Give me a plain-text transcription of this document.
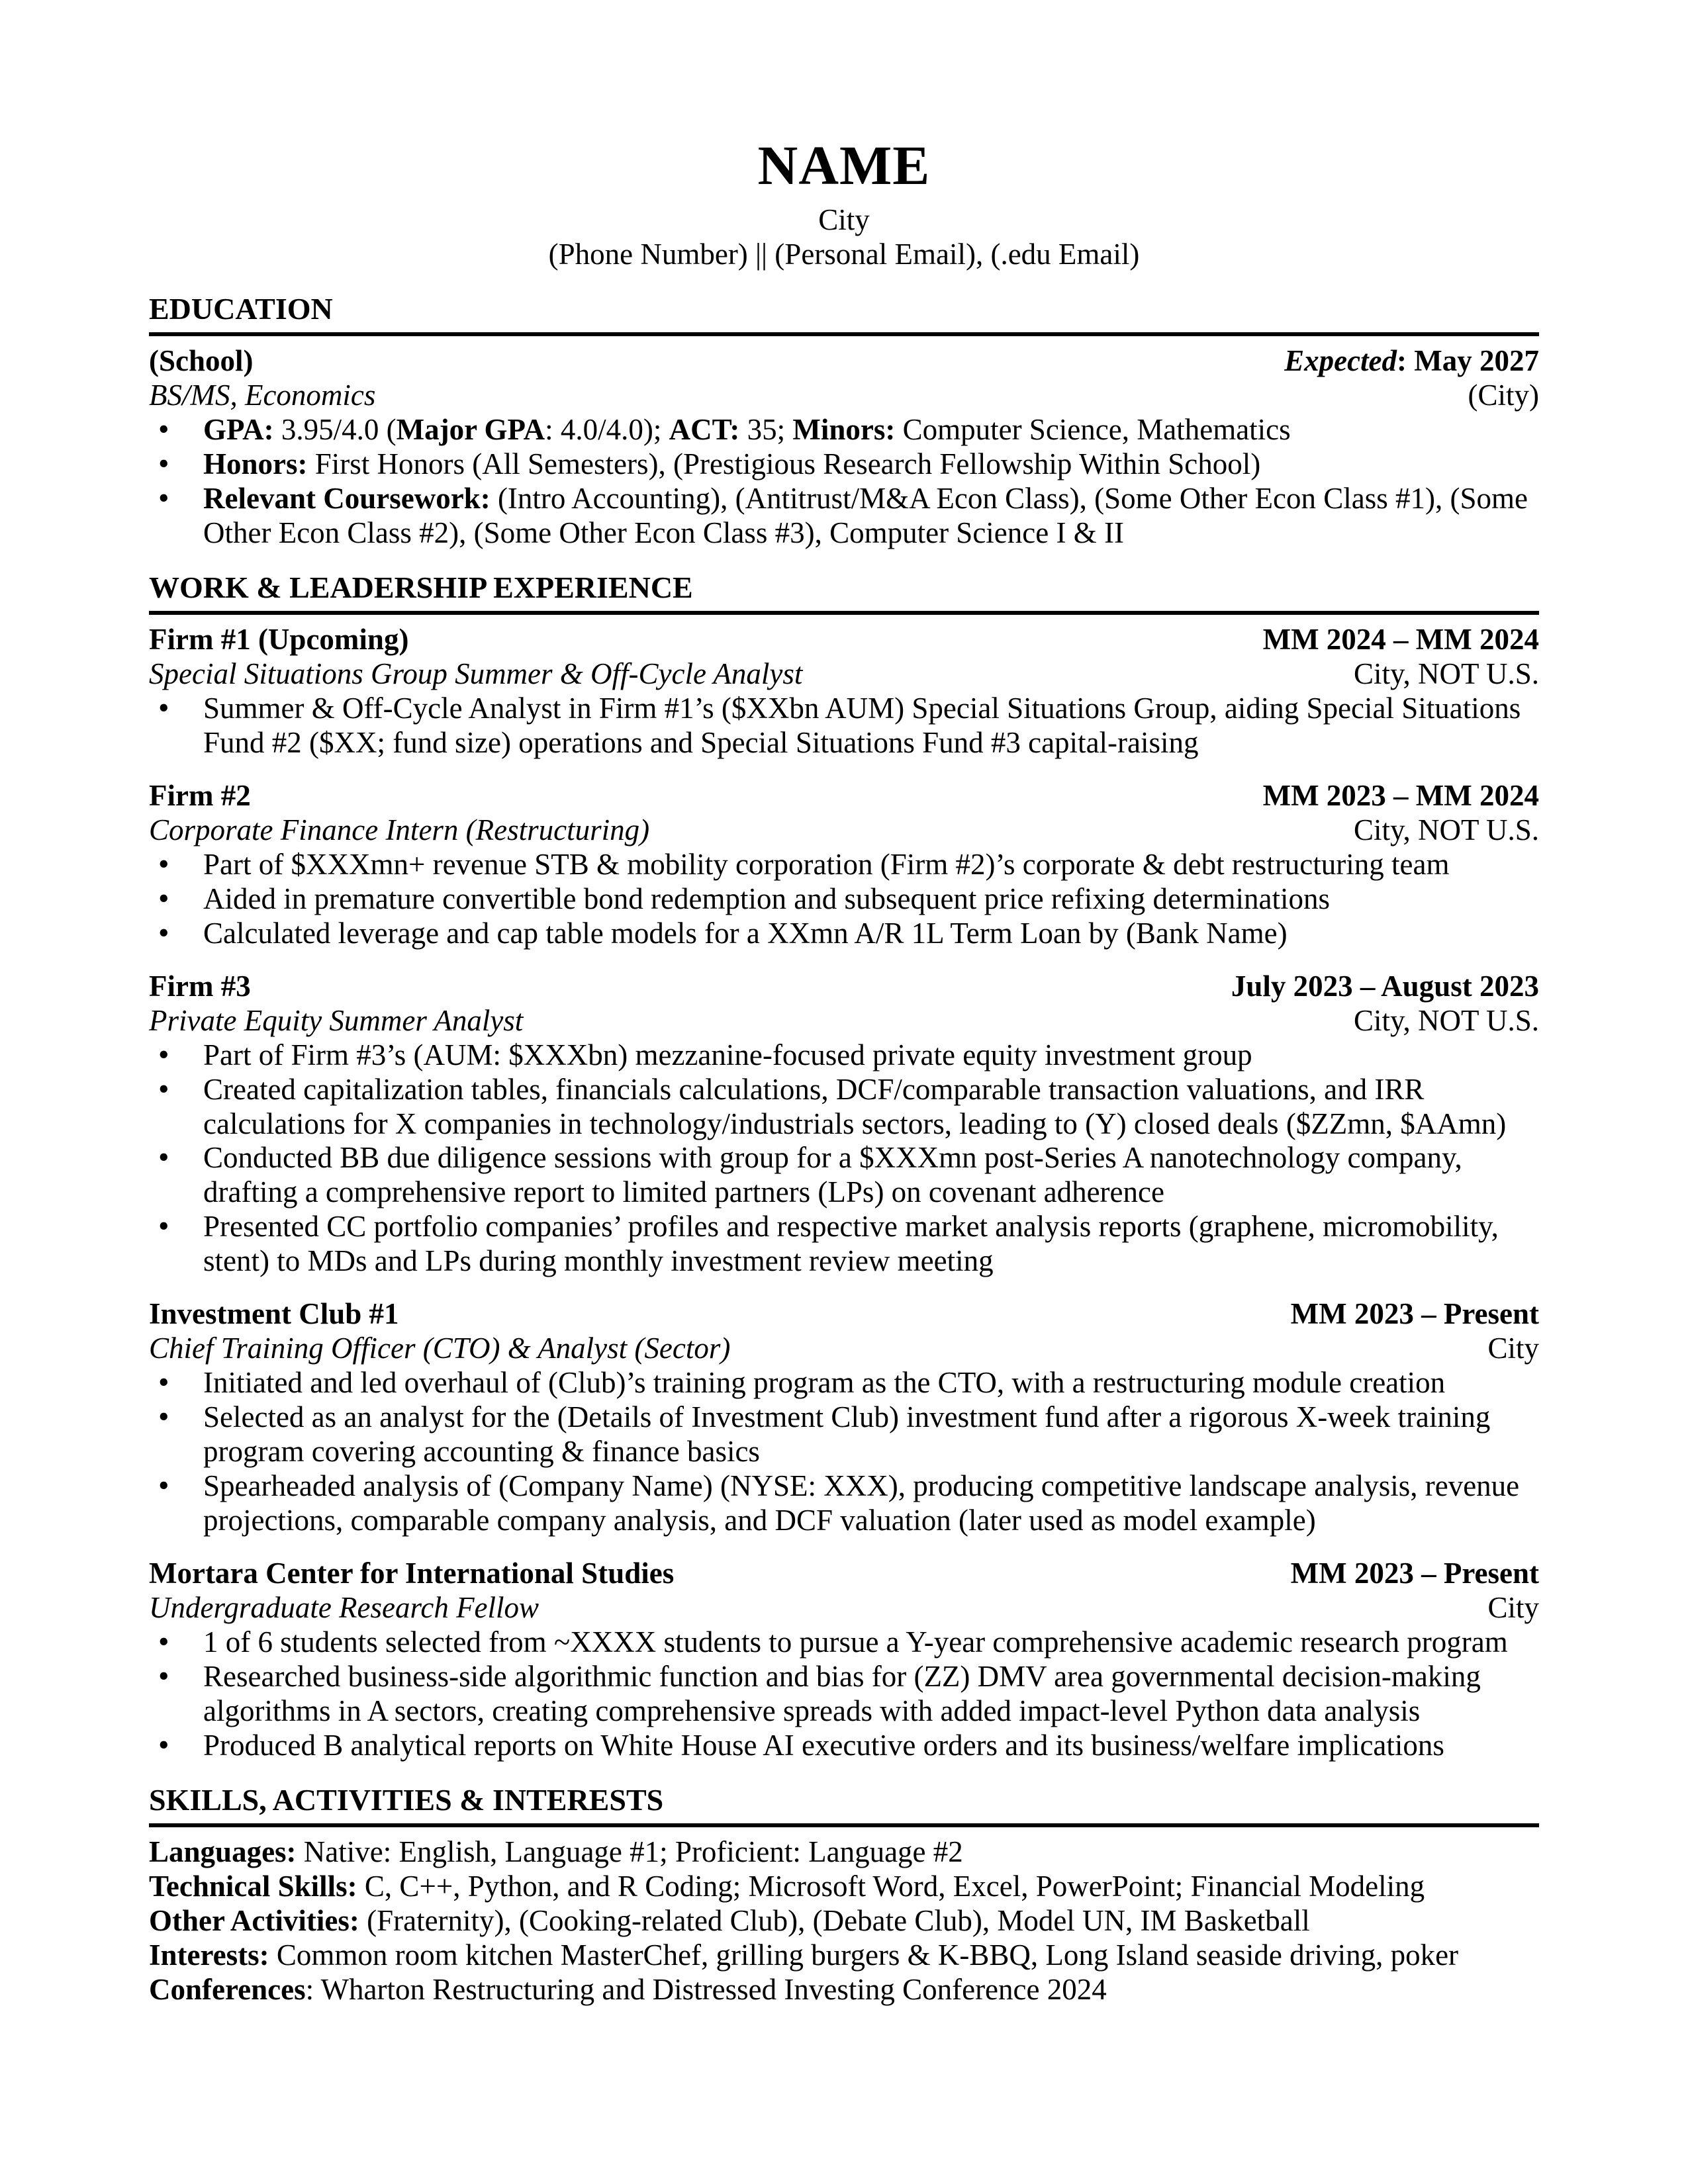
NAME
City
(Phone Number) || (Personal Email), (.edu Email)
EDUCATION
(School)	Expected: May 2027
BS/MS, Economics	(City)
• GPA: 3.95/4.0 (Major GPA: 4.0/4.0); ACT: 35; Minors: Computer Science, Mathematics
• Honors: First Honors (All Semesters), (Prestigious Research Fellowship Within School)
• Relevant Coursework: (Intro Accounting), (Antitrust/M&A Econ Class), (Some Other Econ Class #1), (Some Other Econ Class #2), (Some Other Econ Class #3), Computer Science I & II
WORK & LEADERSHIP EXPERIENCE
Firm #1 (Upcoming)	MM 2024 – MM 2024
Special Situations Group Summer & Off-Cycle Analyst	City, NOT U.S.
• Summer & Off-Cycle Analyst in Firm #1’s ($XXbn AUM) Special Situations Group, aiding Special Situations Fund #2 ($XX; fund size) operations and Special Situations Fund #3 capital-raising
Firm #2	MM 2023 – MM 2024
Corporate Finance Intern (Restructuring)	City, NOT U.S.
• Part of $XXXmn+ revenue STB & mobility corporation (Firm #2)’s corporate & debt restructuring team
• Aided in premature convertible bond redemption and subsequent price refixing determinations
• Calculated leverage and cap table models for a XXmn A/R 1L Term Loan by (Bank Name)
Firm #3	July 2023 – August 2023
Private Equity Summer Analyst	City, NOT U.S.
• Part of Firm #3’s (AUM: $XXXbn) mezzanine-focused private equity investment group
• Created capitalization tables, financials calculations, DCF/comparable transaction valuations, and IRR calculations for X companies in technology/industrials sectors, leading to (Y) closed deals ($ZZmn, $AAmn)
• Conducted BB due diligence sessions with group for a $XXXmn post-Series A nanotechnology company, drafting a comprehensive report to limited partners (LPs) on covenant adherence
• Presented CC portfolio companies’ profiles and respective market analysis reports (graphene, micromobility, stent) to MDs and LPs during monthly investment review meeting
Investment Club #1	MM 2023 – Present
Chief Training Officer (CTO) & Analyst (Sector)	City
• Initiated and led overhaul of (Club)’s training program as the CTO, with a restructuring module creation
• Selected as an analyst for the (Details of Investment Club) investment fund after a rigorous X-week training program covering accounting & finance basics
• Spearheaded analysis of (Company Name) (NYSE: XXX), producing competitive landscape analysis, revenue projections, comparable company analysis, and DCF valuation (later used as model example)
Mortara Center for International Studies	MM 2023 – Present
Undergraduate Research Fellow	City
• 1 of 6 students selected from ~XXXX students to pursue a Y-year comprehensive academic research program
• Researched business-side algorithmic function and bias for (ZZ) DMV area governmental decision-making algorithms in A sectors, creating comprehensive spreads with added impact-level Python data analysis
• Produced B analytical reports on White House AI executive orders and its business/welfare implications
SKILLS, ACTIVITIES & INTERESTS
Languages: Native: English, Language #1; Proficient: Language #2
Technical Skills: C, C++, Python, and R Coding; Microsoft Word, Excel, PowerPoint; Financial Modeling
Other Activities: (Fraternity), (Cooking-related Club), (Debate Club), Model UN, IM Basketball
Interests: Common room kitchen MasterChef, grilling burgers & K-BBQ, Long Island seaside driving, poker
Conferences: Wharton Restructuring and Distressed Investing Conference 2024
